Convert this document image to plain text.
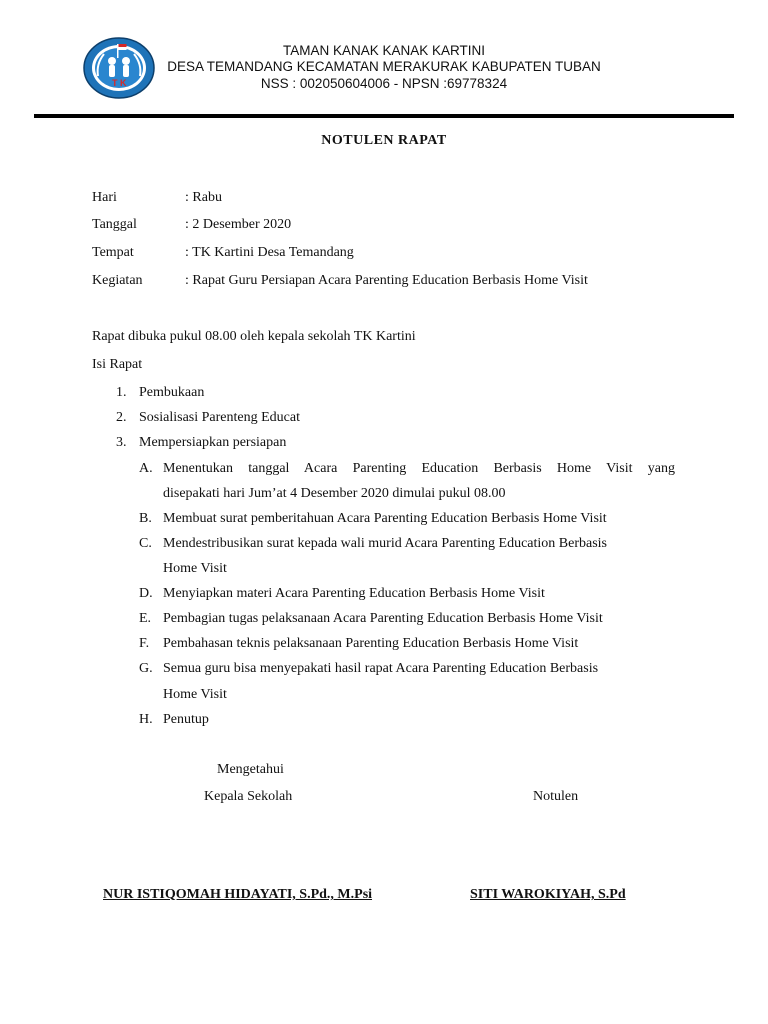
T K
TAMAN KANAK KANAK KARTINI
DESA TEMANDANG KECAMATAN MERAKURAK KABUPATEN TUBAN
NSS : 002050604006 - NPSN :69778324
NOTULEN RAPAT
Hari	: Rabu
Tanggal	: 2 Desember 2020
Tempat	: TK Kartini Desa Temandang
Kegiatan	: Rapat Guru Persiapan Acara Parenting Education Berbasis Home Visit
Rapat dibuka pukul 08.00 oleh kepala sekolah TK Kartini
Isi Rapat
1. Pembukaan
2. Sosialisasi Parenteng Educat
3. Mempersiapkan persiapan
A. Menentukan tanggal Acara Parenting Education Berbasis Home Visit yang
disepakati hari Jum’at 4 Desember 2020 dimulai pukul 08.00
B. Membuat surat pemberitahuan Acara Parenting Education Berbasis Home Visit
C. Mendestribusikan surat kepada wali murid Acara Parenting Education Berbasis
Home Visit
D. Menyiapkan materi Acara Parenting Education Berbasis Home Visit
E. Pembagian tugas pelaksanaan Acara Parenting Education Berbasis Home Visit
F. Pembahasan teknis pelaksanaan Parenting Education Berbasis Home Visit
G. Semua guru bisa menyepakati hasil rapat Acara Parenting Education Berbasis
Home Visit
H. Penutup
Mengetahui
Kepala Sekolah	Notulen
NUR ISTIQOMAH HIDAYATI, S.Pd., M.Psi	SITI WAROKIYAH, S.Pd
